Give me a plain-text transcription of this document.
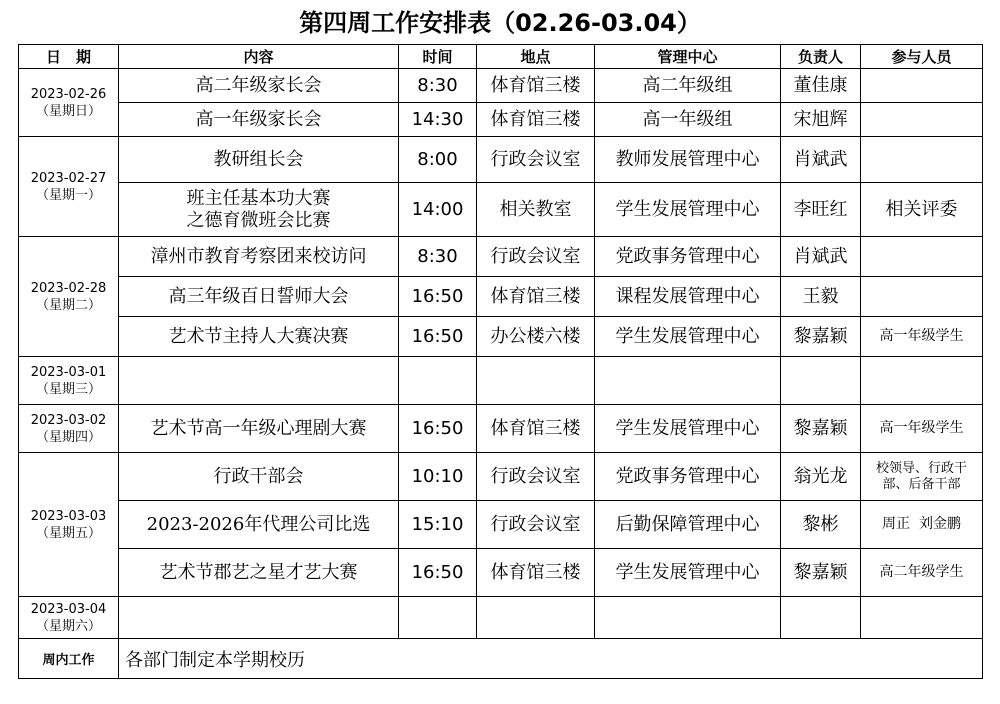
第四周工作安排表（02.26-03.04）
日　期	内容	时间	地点	管理中心	负责人	参与人员

2023-02-26
（星期日）	高二年级家长会	8:30	体育馆三楼	高二年级组	董佳康	
	高一年级家长会	14:30	体育馆三楼	高一年级组	宋旭辉	

2023-02-27
（星期一）	教研组长会	8:00	行政会议室	教师发展管理中心	肖斌武	

	班主任基本功大赛
之德育微班会比赛	14:00	相关教室	学生发展管理中心	李旺红	相关评委

2023-02-28
（星期二）	漳州市教育考察团来校访问	8:30	行政会议室	党政事务管理中心	肖斌武	
	高三年级百日誓师大会	16:50	体育馆三楼	课程发展管理中心	王毅	
	艺术节主持人大赛决赛	16:50	办公楼六楼	学生发展管理中心	黎嘉颖	高一年级学生

2023-03-01
（星期三）						

2023-03-02
（星期四）	艺术节高一年级心理剧大赛	16:50	体育馆三楼	学生发展管理中心	黎嘉颖	高一年级学生

2023-03-03
（星期五）	行政干部会	10:10	行政会议室	党政事务管理中心	翁光龙	校领导、行政干
部、后备干部

	2023-2026年代理公司比选	15:10	行政会议室	后勤保障管理中心	黎彬	周正  刘金鹏
	艺术节郡艺之星才艺大赛	16:50	体育馆三楼	学生发展管理中心	黎嘉颖	高二年级学生

2023-03-04
（星期六）						

周内工作	各部门制定本学期校历					
